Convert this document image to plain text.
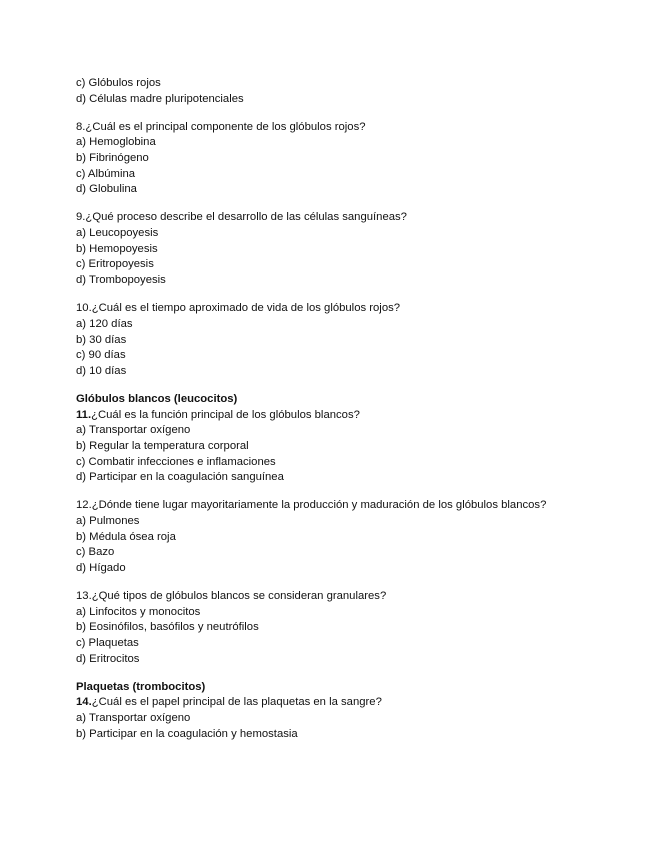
c) Glóbulos rojos
d) Células madre pluripotenciales
8.¿Cuál es el principal componente de los glóbulos rojos?
a) Hemoglobina
b) Fibrinógeno
c) Albúmina
d) Globulina
9.¿Qué proceso describe el desarrollo de las células sanguíneas?
a) Leucopoyesis
b) Hemopoyesis
c) Eritropoyesis
d) Trombopoyesis
10.¿Cuál es el tiempo aproximado de vida de los glóbulos rojos?
a) 120 días
b) 30 días
c) 90 días
d) 10 días
Glóbulos blancos (leucocitos)
11.¿Cuál es la función principal de los glóbulos blancos?
a) Transportar oxígeno
b) Regular la temperatura corporal
c) Combatir infecciones e inflamaciones
d) Participar en la coagulación sanguínea
12.¿Dónde tiene lugar mayoritariamente la producción y maduración de los glóbulos blancos?
a) Pulmones
b) Médula ósea roja
c) Bazo
d) Hígado
13.¿Qué tipos de glóbulos blancos se consideran granulares?
a) Linfocitos y monocitos
b) Eosinófilos, basófilos y neutrófilos
c) Plaquetas
d) Eritrocitos
Plaquetas (trombocitos)
14.¿Cuál es el papel principal de las plaquetas en la sangre?
a) Transportar oxígeno
b) Participar en la coagulación y hemostasia
